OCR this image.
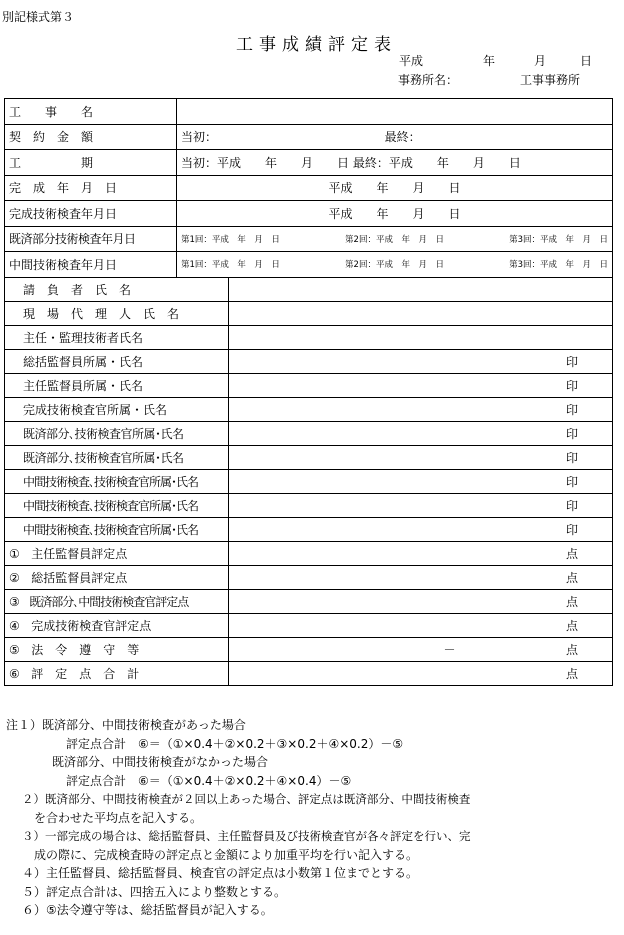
別記様式第３
工事成績評定表
平成	年	月	日
事務所名：	工事事務所
工　　事　　名		
契　約　金　額	当初： 最終：	
工　　　　　期	当初：平成　　年　　月　　日 最終：平成　　年　　月　　日	
完　成　年　月　日	平成　　年　　月　　日	
完成技術検査年月日	平成　　年　　月　　日	
既済部分技術検査年月日	第1回：平成　年　月　日 第2回：平成　年　月　日 第3回：平成　年　月　日	

中間技術検査年月日	第1回：平成　年　月　日 第2回：平成　年　月　日 第3回：平成　年　月　日	

請　負　者　氏　名		
現　場　代　理　人　氏　名		
主任・監理技術者氏名		
総括監督員所属・氏名		印
主任監督員所属・氏名		印
完成技術検査官所属・氏名		印
既済部分､技術検査官所属･氏名		印
既済部分､技術検査官所属･氏名		印
中間技術検査､技術検査官所属･氏名		印
中間技術検査､技術検査官所属･氏名		印
中間技術検査､技術検査官所属･氏名		印
① 主任監督員評定点		点

② 総括監督員評定点		点

③ 既済部分､中間技術検査官評定点		点

④ 完成技術検査官評定点		点

⑤ 法　令　遵　守　等		－ 点

⑥ 評　定　点　合　計		点
注１）既済部分、中間技術検査があった場合
評定点合計　⑥＝（①×0.4＋②×0.2＋③×0.2＋④×0.2）－⑤
既済部分、中間技術検査がなかった場合
評定点合計　⑥＝（①×0.4＋②×0.2＋④×0.4）－⑤
２）既済部分、中間技術検査が２回以上あった場合、評定点は既済部分、中間技術検査
を合わせた平均点を記入する。
３）一部完成の場合は、総括監督員、主任監督員及び技術検査官が各々評定を行い、完
成の際に、完成検査時の評定点と金額により加重平均を行い記入する。
４）主任監督員、総括監督員、検査官の評定点は小数第１位までとする。
５）評定点合計は、四捨五入により整数とする。
６）⑤法令遵守等は、総括監督員が記入する。
